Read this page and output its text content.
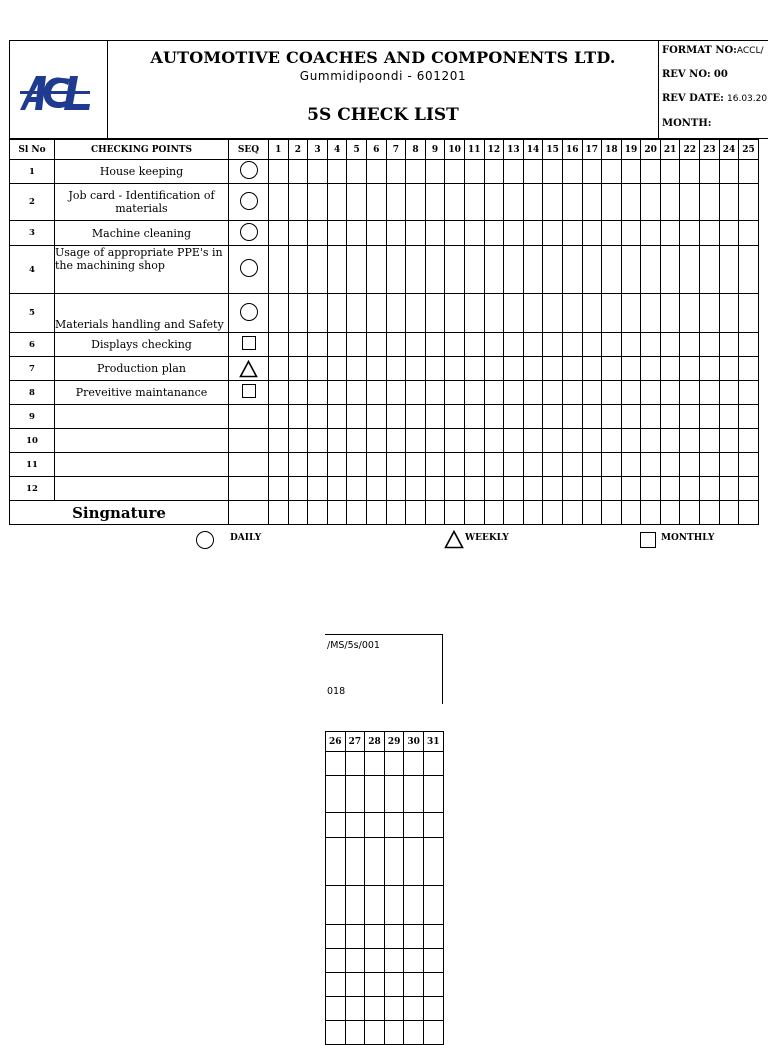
AUTOMOTIVE COACHES AND COMPONENTS LTD.
Gummidipoondi - 601201
5S CHECK LIST
FORMAT NO:ACCL/
REV NO: 00
REV DATE: 16.03.20
MONTH:
Sl No	CHECKING POINTS	SEQ	1	2	3	4	5	6	7	8	9	10	11	12	13	14	15	16	17	18	19	20	21	22	23	24	25
1	House keeping																										
2	Job card - Identification of materials																										
3	Machine cleaning																										
4	Usage of appropriate PPE's in the machining shop																										
5	Materials handling and Safety																										
6	Displays checking																										
7	Production plan																										
8	Preveitive maintanance																										
9																											
10																											
11																											
12																											
Singnature																											
DAILY	WEEKLY	MONTHLY
/MS/5s/001
018
26	27	28	29	30	31
